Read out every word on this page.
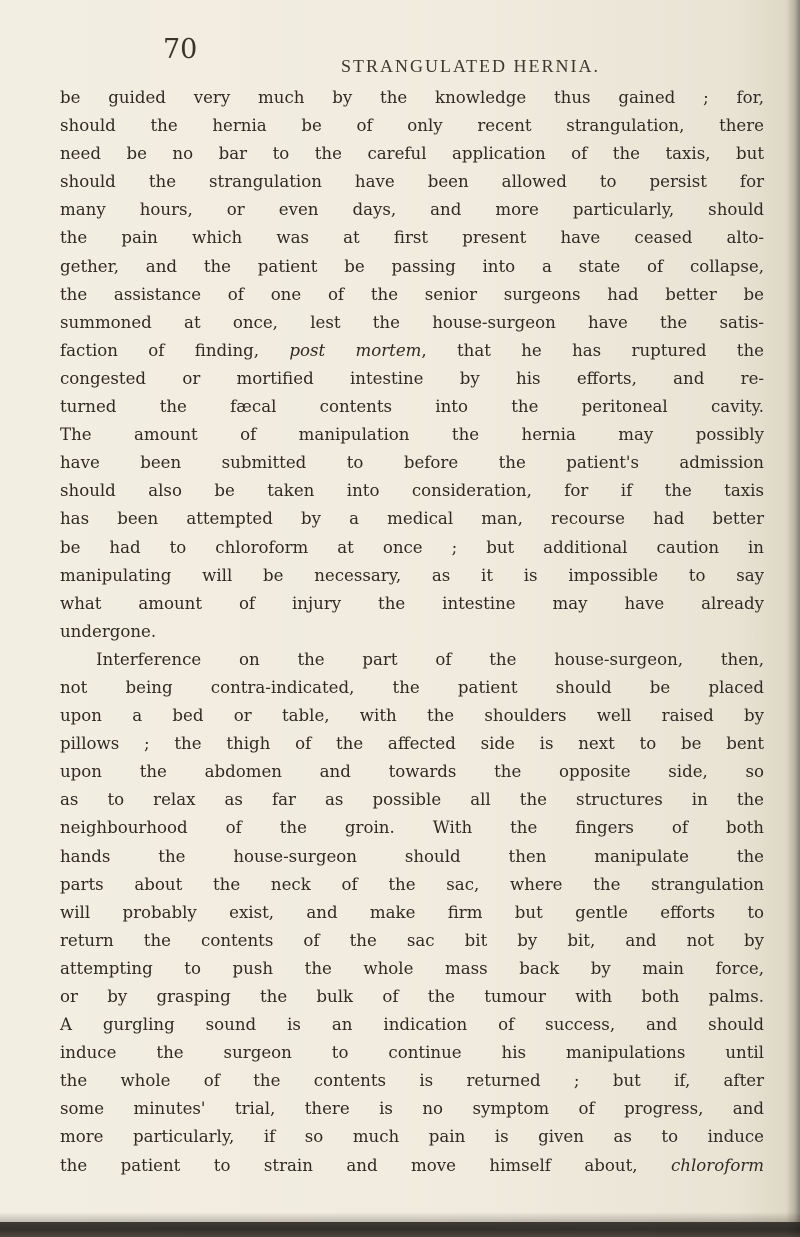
70
STRANGULATED HERNIA.
be guided very much by the knowledge thus gained ; for,
should the hernia be of only recent strangulation, there
need be no bar to the careful application of the taxis, but
should the strangulation have been allowed to persist for
many hours, or even days, and more particularly, should
the pain which was at first present have ceased alto-
gether, and the patient be passing into a state of collapse,
the assistance of one of the senior surgeons had better be
summoned at once, lest the house-surgeon have the satis-
faction of finding, post mortem, that he has ruptured the
congested or mortified intestine by his efforts, and re-
turned the fæcal contents into the peritoneal cavity.
The amount of manipulation the hernia may possibly
have been submitted to before the patient's admission
should also be taken into consideration, for if the taxis
has been attempted by a medical man, recourse had better
be had to chloroform at once ; but additional caution in
manipulating will be necessary, as it is impossible to say
what amount of injury the intestine may have already
undergone.
Interference on the part of the house-surgeon, then,
not being contra-indicated, the patient should be placed
upon a bed or table, with the shoulders well raised by
pillows ; the thigh of the affected side is next to be bent
upon the abdomen and towards the opposite side, so
as to relax as far as possible all the structures in the
neighbourhood of the groin. With the fingers of both
hands the house-surgeon should then manipulate the
parts about the neck of the sac, where the strangulation
will probably exist, and make firm but gentle efforts to
return the contents of the sac bit by bit, and not by
attempting to push the whole mass back by main force,
or by grasping the bulk of the tumour with both palms.
A gurgling sound is an indication of success, and should
induce the surgeon to continue his manipulations until
the whole of the contents is returned ; but if, after
some minutes' trial, there is no symptom of progress, and
more particularly, if so much pain is given as to induce
the patient to strain and move himself about, chloroform
